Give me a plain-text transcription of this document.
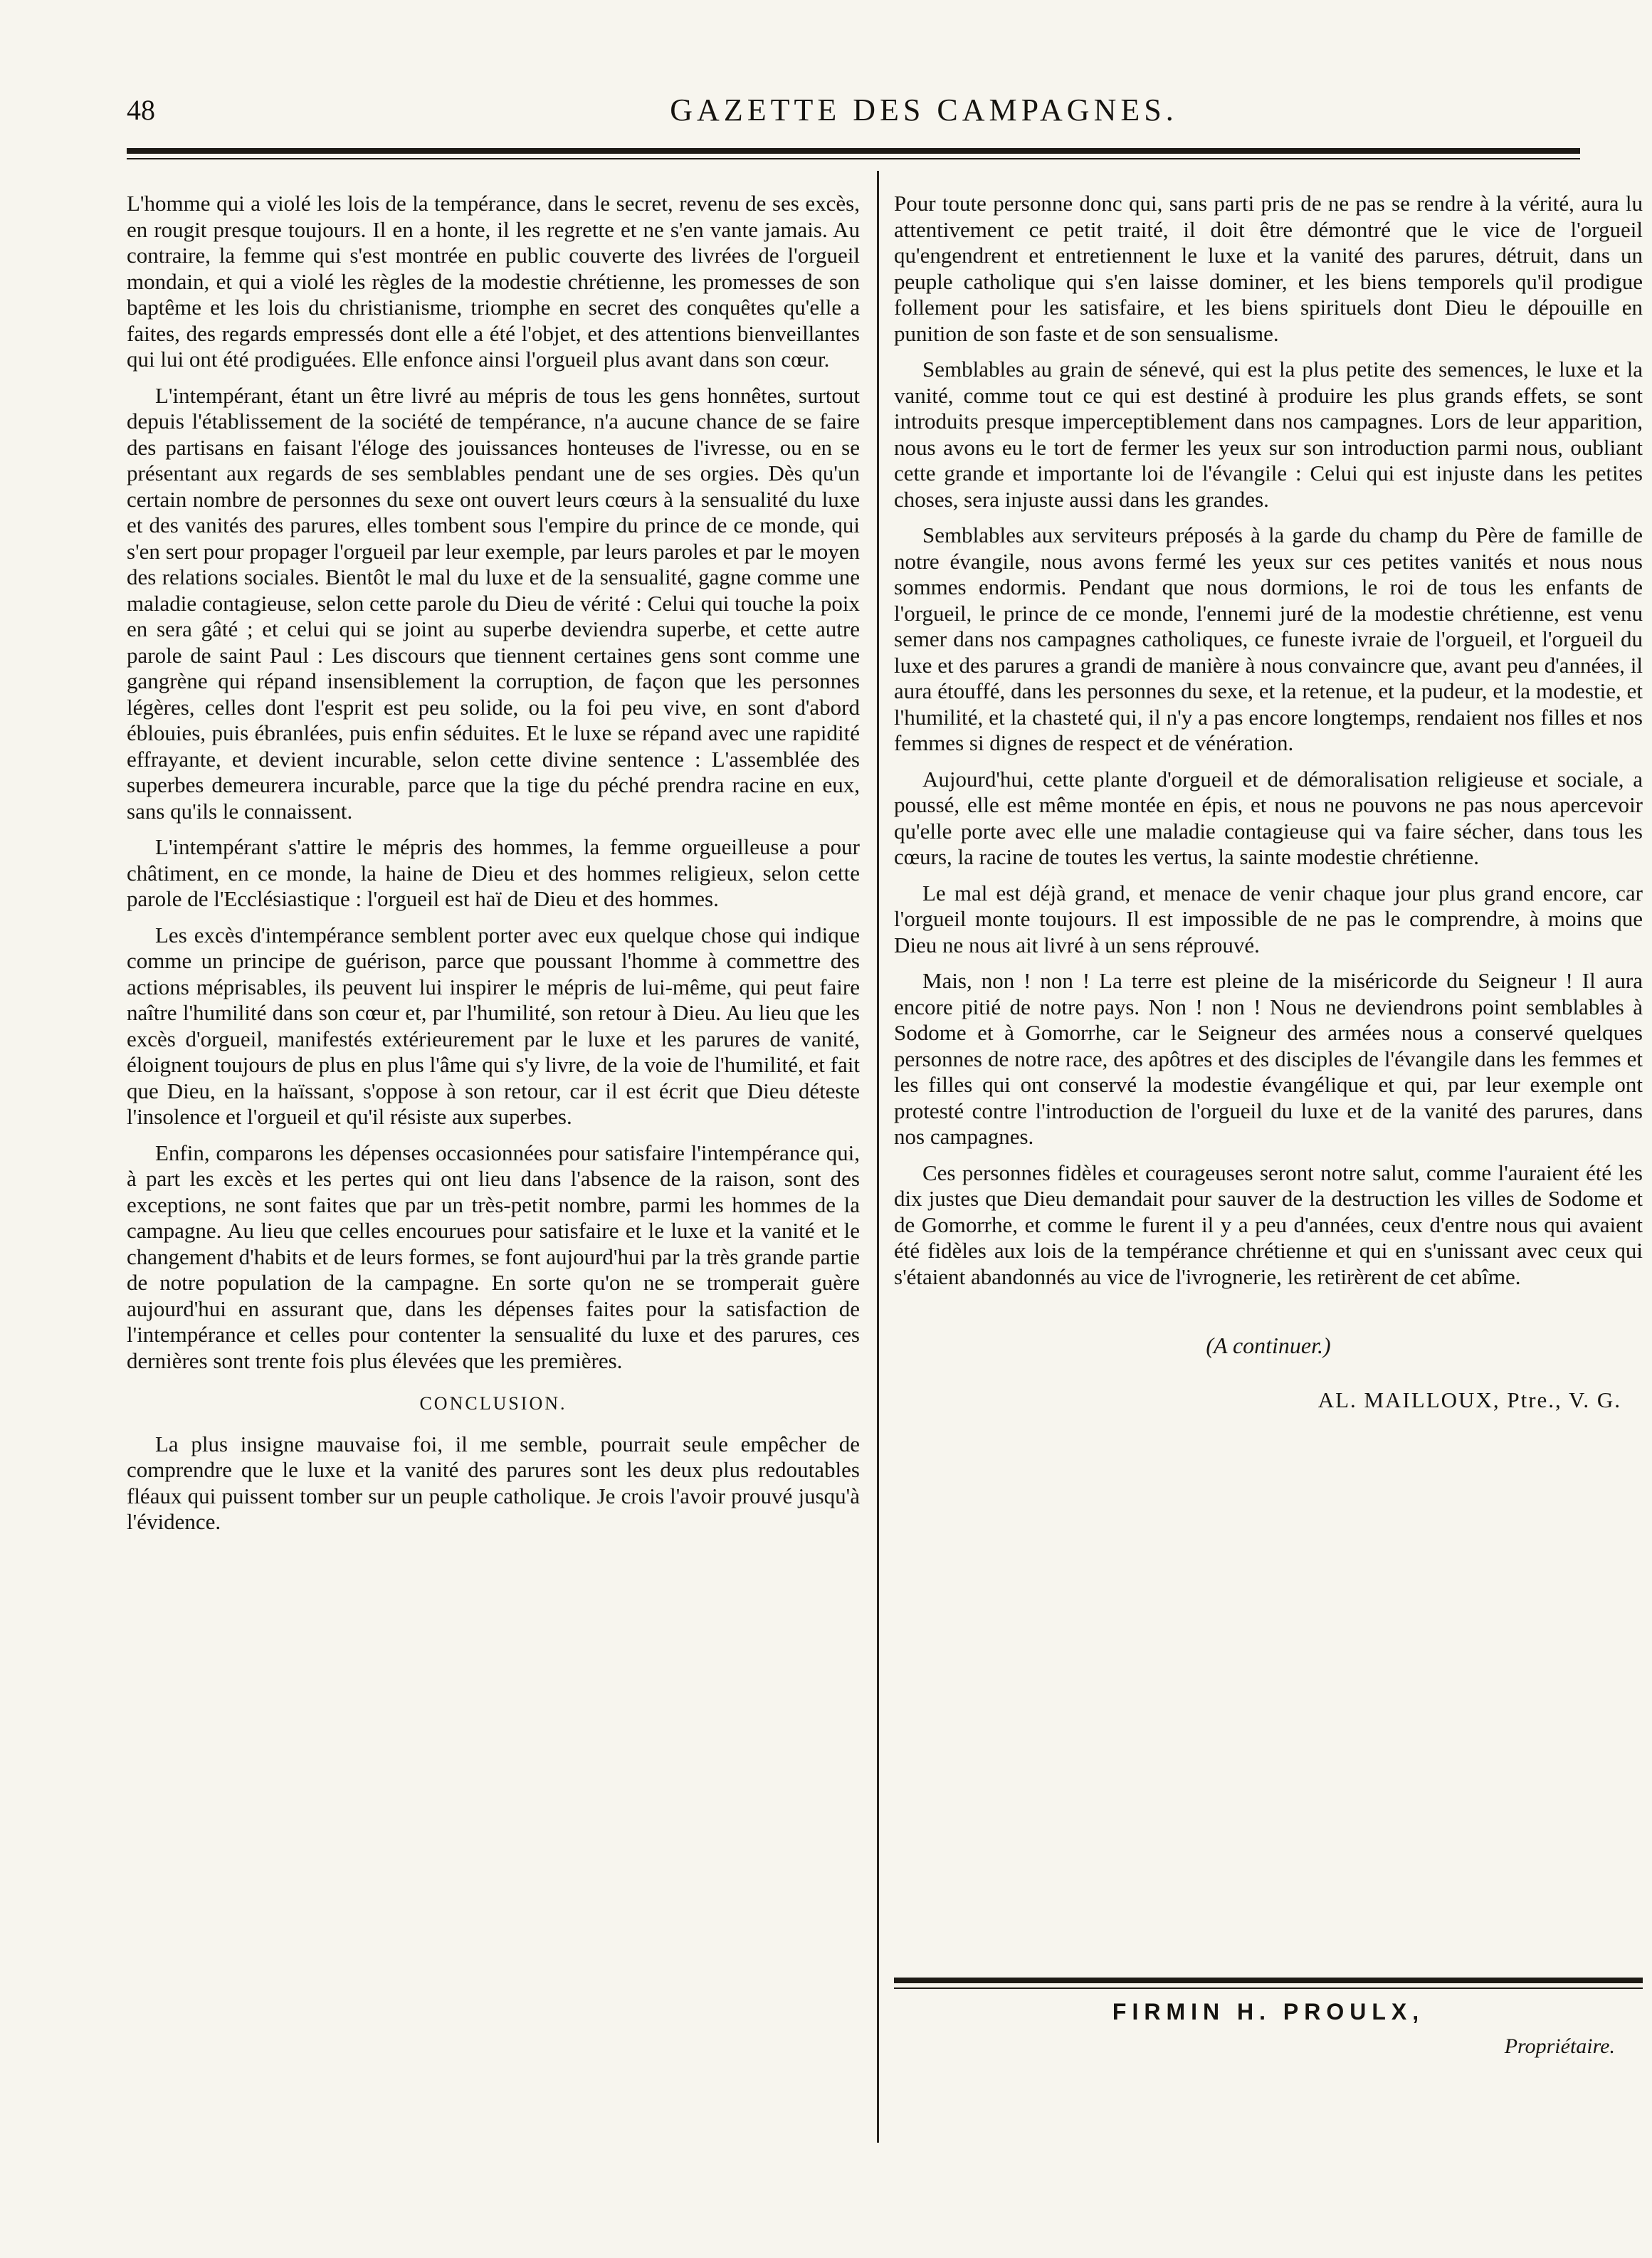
48	GAZETTE DES CAMPAGNES.

L'homme qui a violé les lois de la tempérance, dans le secret, revenu de ses excès, en rougit presque toujours. Il en a honte, il les regrette et ne s'en vante jamais. Au contraire, la femme qui s'est montrée en public couverte des livrées de l'orgueil mondain, et qui a violé les règles de la modestie chrétienne, les promesses de son baptême et les lois du christianisme, triomphe en secret des conquêtes qu'elle a faites, des regards empressés dont elle a été l'objet, et des attentions bienveillantes qui lui ont été prodiguées. Elle enfonce ainsi l'orgueil plus avant dans son cœur.

L'intempérant, étant un être livré au mépris de tous les gens honnêtes, surtout depuis l'établissement de la société de tempérance, n'a aucune chance de se faire des partisans en faisant l'éloge des jouissances honteuses de l'ivresse, ou en se présentant aux regards de ses semblables pendant une de ses orgies. Dès qu'un certain nombre de personnes du sexe ont ouvert leurs cœurs à la sensualité du luxe et des vanités des parures, elles tombent sous l'empire du prince de ce monde, qui s'en sert pour propager l'orgueil par leur exemple, par leurs paroles et par le moyen des relations sociales. Bientôt le mal du luxe et de la sensualité, gagne comme une maladie contagieuse, selon cette parole du Dieu de vérité : Celui qui touche la poix en sera gâté ; et celui qui se joint au superbe deviendra superbe, et cette autre parole de saint Paul : Les discours que tiennent certaines gens sont comme une gangrène qui répand insensiblement la corruption, de façon que les personnes légères, celles dont l'esprit est peu solide, ou la foi peu vive, en sont d'abord éblouies, puis ébranlées, puis enfin séduites. Et le luxe se répand avec une rapidité effrayante, et devient incurable, selon cette divine sentence : L'assemblée des superbes demeurera incurable, parce que la tige du péché prendra racine en eux, sans qu'ils le connaissent.

L'intempérant s'attire le mépris des hommes, la femme orgueilleuse a pour châtiment, en ce monde, la haine de Dieu et des hommes religieux, selon cette parole de l'Ecclésiastique : l'orgueil est haï de Dieu et des hommes.

Les excès d'intempérance semblent porter avec eux quelque chose qui indique comme un principe de guérison, parce que poussant l'homme à commettre des actions méprisables, ils peuvent lui inspirer le mépris de lui-même, qui peut faire naître l'humilité dans son cœur et, par l'humilité, son retour à Dieu. Au lieu que les excès d'orgueil, manifestés extérieurement par le luxe et les parures de vanité, éloignent toujours de plus en plus l'âme qui s'y livre, de la voie de l'humilité, et fait que Dieu, en la haïssant, s'oppose à son retour, car il est écrit que Dieu déteste l'insolence et l'orgueil et qu'il résiste aux superbes.

Enfin, comparons les dépenses occasionnées pour satisfaire l'intempérance qui, à part les excès et les pertes qui ont lieu dans l'absence de la raison, sont des exceptions, ne sont faites que par un très-petit nombre, parmi les hommes de la campagne. Au lieu que celles encourues pour satisfaire et le luxe et la vanité et le changement d'habits et de leurs formes, se font aujourd'hui par la très grande partie de notre population de la campagne. En sorte qu'on ne se tromperait guère aujourd'hui en assurant que, dans les dépenses faites pour la satisfaction de l'intempérance et celles pour contenter la sensualité du luxe et des parures, ces dernières sont trente fois plus élevées que les premières.

CONCLUSION.

La plus insigne mauvaise foi, il me semble, pourrait seule empêcher de comprendre que le luxe et la vanité des parures sont les deux plus redoutables fléaux qui puissent tomber sur un peuple catholique. Je crois l'avoir prouvé jusqu'à l'évidence.

Pour toute personne donc qui, sans parti pris de ne pas se rendre à la vérité, aura lu attentivement ce petit traité, il doit être démontré que le vice de l'orgueil qu'engendrent et entretiennent le luxe et la vanité des parures, détruit, dans un peuple catholique qui s'en laisse dominer, et les biens temporels qu'il prodigue follement pour les satisfaire, et les biens spirituels dont Dieu le dépouille en punition de son faste et de son sensualisme.

Semblables au grain de sénevé, qui est la plus petite des semences, le luxe et la vanité, comme tout ce qui est destiné à produire les plus grands effets, se sont introduits presque imperceptiblement dans nos campagnes. Lors de leur apparition, nous avons eu le tort de fermer les yeux sur son introduction parmi nous, oubliant cette grande et importante loi de l'évangile : Celui qui est injuste dans les petites choses, sera injuste aussi dans les grandes.

Semblables aux serviteurs préposés à la garde du champ du Père de famille de notre évangile, nous avons fermé les yeux sur ces petites vanités et nous nous sommes endormis. Pendant que nous dormions, le roi de tous les enfants de l'orgueil, le prince de ce monde, l'ennemi juré de la modestie chrétienne, est venu semer dans nos campagnes catholiques, ce funeste ivraie de l'orgueil, et l'orgueil du luxe et des parures a grandi de manière à nous convaincre que, avant peu d'années, il aura étouffé, dans les personnes du sexe, et la retenue, et la pudeur, et la modestie, et l'humilité, et la chasteté qui, il n'y a pas encore longtemps, rendaient nos filles et nos femmes si dignes de respect et de vénération.

Aujourd'hui, cette plante d'orgueil et de démoralisation religieuse et sociale, a poussé, elle est même montée en épis, et nous ne pouvons ne pas nous apercevoir qu'elle porte avec elle une maladie contagieuse qui va faire sécher, dans tous les cœurs, la racine de toutes les vertus, la sainte modestie chrétienne.

Le mal est déjà grand, et menace de venir chaque jour plus grand encore, car l'orgueil monte toujours. Il est impossible de ne pas le comprendre, à moins que Dieu ne nous ait livré à un sens réprouvé.

Mais, non ! non ! La terre est pleine de la miséricorde du Seigneur ! Il aura encore pitié de notre pays. Non ! non ! Nous ne deviendrons point semblables à Sodome et à Gomorrhe, car le Seigneur des armées nous a conservé quelques personnes de notre race, des apôtres et des disciples de l'évangile dans les femmes et les filles qui ont conservé la modestie évangélique et qui, par leur exemple ont protesté contre l'introduction de l'orgueil du luxe et de la vanité des parures, dans nos campagnes.

Ces personnes fidèles et courageuses seront notre salut, comme l'auraient été les dix justes que Dieu demandait pour sauver de la destruction les villes de Sodome et de Gomorrhe, et comme le furent il y a peu d'années, ceux d'entre nous qui avaient été fidèles aux lois de la tempérance chrétienne et qui en s'unissant avec ceux qui s'étaient abandonnés au vice de l'ivrognerie, les retirèrent de cet abîme.

(A continuer.)
AL. MAILLOUX, Ptre., V. G.
FIRMIN H. PROULX,
Propriétaire.
